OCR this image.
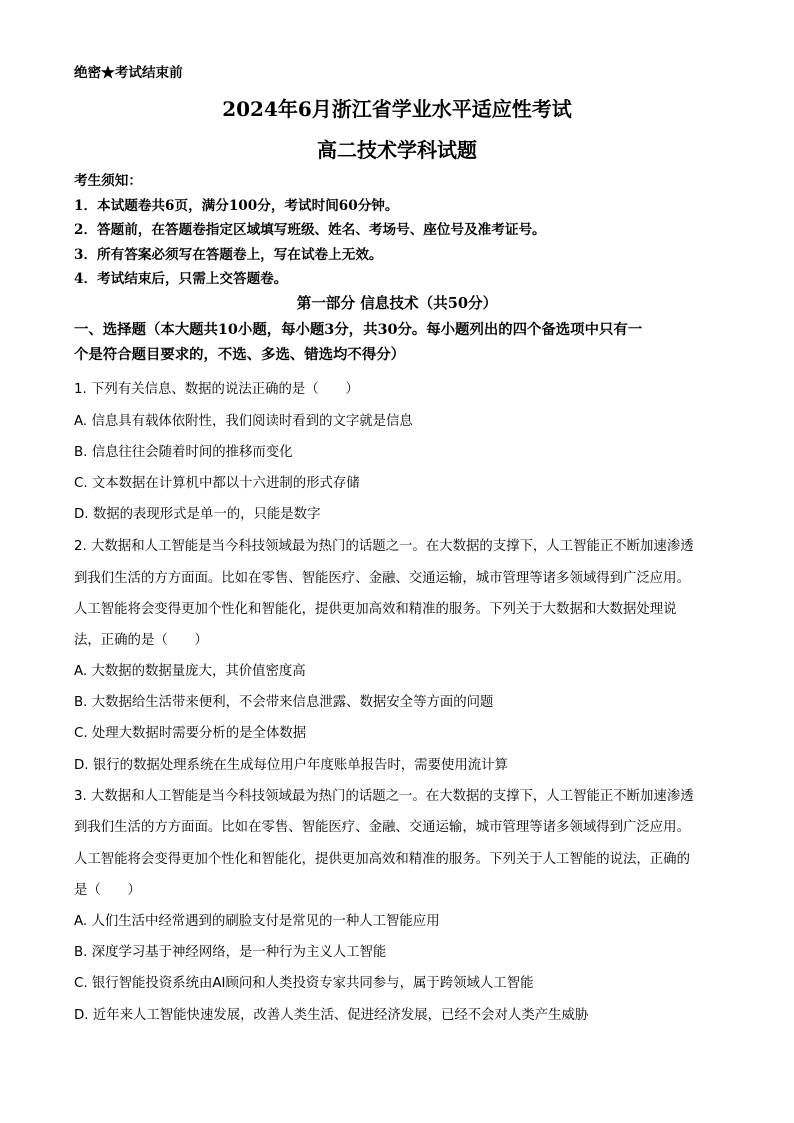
绝密★考试结束前
2024年6月浙江省学业水平适应性考试
高二技术学科试题
考生须知：
1．本试题卷共6页，满分100分，考试时间60分钟。
2．答题前，在答题卷指定区域填写班级、姓名、考场号、座位号及准考证号。
3．所有答案必须写在答题卷上，写在试卷上无效。
4．考试结束后，只需上交答题卷。
第一部分 信息技术（共50分）
一、选择题（本大题共10小题，每小题3分，共30分。每小题列出的四个备选项中只有一
个是符合题目要求的，不选、多选、错选均不得分）
1. 下列有关信息、数据的说法正确的是（　　）
A. 信息具有载体依附性，我们阅读时看到的文字就是信息
B. 信息往往会随着时间的推移而变化
C. 文本数据在计算机中都以十六进制的形式存储
D. 数据的表现形式是单一的，只能是数字
2. 大数据和人工智能是当今科技领域最为热门的话题之一。在大数据的支撑下，人工智能正不断加速渗透
到我们生活的方方面面。比如在零售、智能医疗、金融、交通运输，城市管理等诸多领域得到广泛应用。
人工智能将会变得更加个性化和智能化，提供更加高效和精准的服务。下列关于大数据和大数据处理说
法，正确的是（　　）
A. 大数据的数据量庞大，其价值密度高
B. 大数据给生活带来便利，不会带来信息泄露、数据安全等方面的问题
C. 处理大数据时需要分析的是全体数据
D. 银行的数据处理系统在生成每位用户年度账单报告时，需要使用流计算
3. 大数据和人工智能是当今科技领域最为热门的话题之一。在大数据的支撑下，人工智能正不断加速渗透
到我们生活的方方面面。比如在零售、智能医疗、金融、交通运输，城市管理等诸多领域得到广泛应用。
人工智能将会变得更加个性化和智能化，提供更加高效和精准的服务。下列关于人工智能的说法，正确的
是（　　）
A. 人们生活中经常遇到的刷脸支付是常见的一种人工智能应用
B. 深度学习基于神经网络，是一种行为主义人工智能
C. 银行智能投资系统由AI顾问和人类投资专家共同参与，属于跨领域人工智能
D. 近年来人工智能快速发展，改善人类生活、促进经济发展，已经不会对人类产生威胁
